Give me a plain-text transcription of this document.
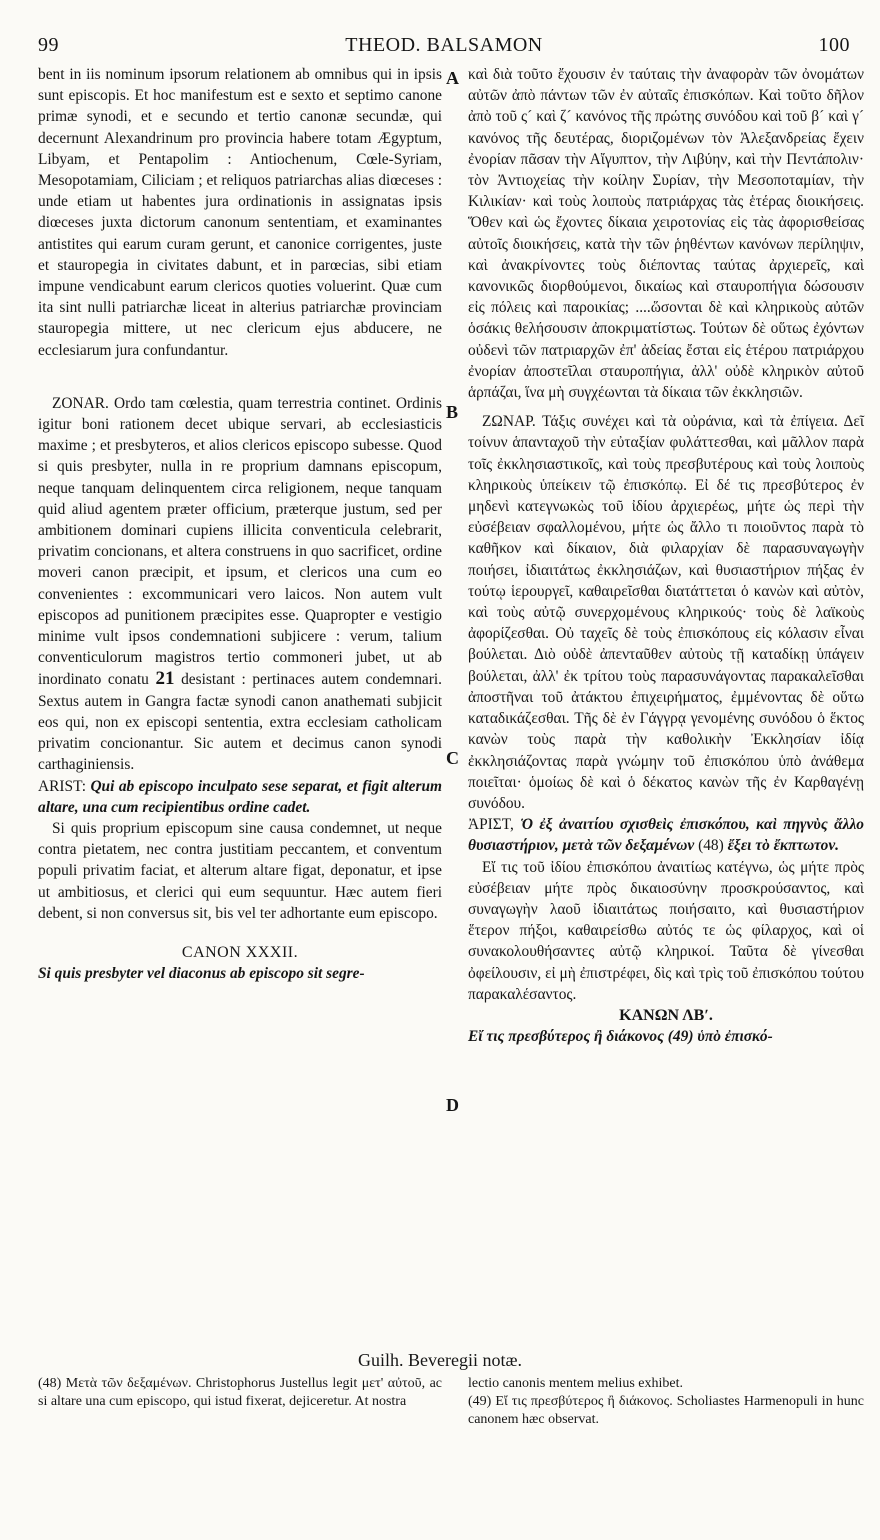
99	THEOD. BALSAMON	100
A
B
C
D

bent in iis nominum ipsorum relationem ab omnibus qui in ipsis sunt episcopis. Et hoc manifestum est e sexto et septimo canone primæ synodi, et e secundo et tertio canonæ secundæ, qui decernunt Alexandrinum pro provincia habere totam Ægyptum, Libyam, et Pentapolim : Antiochenum, Cœle-Syriam, Mesopotamiam, Ciliciam ; et reliquos patriarchas alias diœceses : unde etiam ut habentes jura ordinationis in assignatas ipsis diœceses juxta dictorum canonum sententiam, et examinantes antistites qui earum curam gerunt, et canonice corrigentes, juste et stauropegia in civitates dabunt, et in parœcias, sibi etiam impune vendicabunt earum clericos quoties voluerint. Quæ cum ita sint nulli patriarchæ liceat in alterius patriarchæ provinciam stauropegia mittere, ut nec clericum ejus abducere, ne ecclesiarum jura confundantur.

ZONAR. Ordo tam cœlestia, quam terrestria continet. Ordinis igitur boni rationem decet ubique servari, ab ecclesiasticis maxime ; et presbyteros, et alios clericos episcopo subesse. Quod si quis presbyter, nulla in re proprium damnans episcopum, neque tanquam delinquentem circa religionem, neque tanquam quid aliud agentem præter officium, præterque justum, sed per ambitionem dominari cupiens illicita conventicula celebrarit, privatim concionans, et altera construens in quo sacrificet, ordine moveri canon præcipit, et ipsum, et clericos una cum eo convenientes : excommunicari vero laicos. Non autem vult episcopos ad punitionem præcipites esse. Quapropter e vestigio minime vult ipsos condemnationi subjicere : verum, talium conventiculorum magistros tertio commoneri jubet, ut ab inordinato conatu 21 desistant : pertinaces autem condemnari. Sextus autem in Gangra factæ synodi canon anathemati subjicit eos qui, non ex episcopi sententia, extra ecclesiam catholicam privatim concionantur. Sic autem et decimus canon synodi carthaginiensis.

ARIST: Qui ab episcopo inculpato sese separat, et figit alterum altare, una cum recipientibus ordine cadet.

Si quis proprium episcopum sine causa condemnet, ut neque contra pietatem, nec contra justitiam peccantem, et conventum populi privatim faciat, et alterum altare figat, deponatur, et ipse ut ambitiosus, et clerici qui eum sequuntur. Hæc autem fieri debent, si non conversus sit, bis vel ter adhortante eum episcopo.

CANON XXXII.

Si quis presbyter vel diaconus ab episcopo sit segre-

καὶ διὰ τοῦτο ἔχουσιν ἐν ταύταις τὴν ἀναφορὰν τῶν ὀνομάτων αὐτῶν ἀπὸ πάντων τῶν ἐν αὐταῖς ἐπισκόπων. Καὶ τοῦτο δῆλον ἀπὸ τοῦ ς´ καὶ ζ´ κανόνος τῆς πρώτης συνόδου καὶ τοῦ β´ καὶ γ´ κανόνος τῆς δευτέρας, διοριζομένων τὸν Ἀλεξανδρείας ἔχειν ἐνορίαν πᾶσαν τὴν Αἴγυπτον, τὴν Λιβύην, καὶ τὴν Πεντάπολιν· τὸν Ἀντιοχείας τὴν κοίλην Συρίαν, τὴν Μεσοποταμίαν, τὴν Κιλικίαν· καὶ τοὺς λοιποὺς πατριάρχας τὰς ἑτέρας διοικήσεις. Ὅθεν καὶ ὡς ἔχοντες δίκαια χειροτονίας εἰς τὰς ἀφορισθείσας αὐτοῖς διοικήσεις, κατὰ τὴν τῶν ῥηθέντων κανόνων περίληψιν, καὶ ἀνακρίνοντες τοὺς διέποντας ταύτας ἀρχιερεῖς, καὶ κανονικῶς διορθούμενοι, δικαίως καὶ σταυροπήγια δώσουσιν εἰς πόλεις καὶ παροικίας; ....ὥσονται δὲ καὶ κληρικοὺς αὐτῶν ὁσάκις θελήσουσιν ἀποκριματίστως. Τούτων δὲ οὕτως ἐχόντων οὐδενὶ τῶν πατριαρχῶν ἐπ' ἀδείας ἔσται εἰς ἑτέρου πατριάρχου ἐνορίαν ἀποστεῖλαι σταυροπήγια, ἀλλ' οὐδὲ κληρικὸν αὐτοῦ ἁρπάζαι, ἵνα μὴ συγχέωνται τὰ δίκαια τῶν ἐκκλησιῶν.

ΖΩΝΑΡ. Τάξις συνέχει καὶ τὰ οὐράνια, καὶ τὰ ἐπίγεια. Δεῖ τοίνυν ἁπανταχοῦ τὴν εὐταξίαν φυλάττεσθαι, καὶ μᾶλλον παρὰ τοῖς ἐκκλησιαστικοῖς, καὶ τοὺς πρεσβυτέρους καὶ τοὺς λοιποὺς κληρικοὺς ὑπείκειν τῷ ἐπισκόπῳ. Εἰ δέ τις πρεσβύτερος ἐν μηδενὶ κατεγνωκὼς τοῦ ἰδίου ἀρχιερέως, μήτε ὡς περὶ τὴν εὐσέβειαν σφαλλομένου, μήτε ὡς ἄλλο τι ποιοῦντος παρὰ τὸ καθῆκον καὶ δίκαιον, διὰ φιλαρχίαν δὲ παρασυναγωγὴν ποιήσει, ἰδιαιτάτως ἐκκλησιάζων, καὶ θυσιαστήριον πήξας ἐν τούτῳ ἱερουργεῖ, καθαιρεῖσθαι διατάττεται ὁ κανὼν καὶ αὐτὸν, καὶ τοὺς αὐτῷ συνερχομένους κληρικούς· τοὺς δὲ λαϊκοὺς ἀφορίζεσθαι. Οὐ ταχεῖς δὲ τοὺς ἐπισκόπους εἰς κόλασιν εἶναι βούλεται. Διὸ οὐδὲ ἀπενταῦθεν αὐτοὺς τῇ καταδίκῃ ὑπάγειν βούλεται, ἀλλ' ἐκ τρίτου τοὺς παρασυνάγοντας παρακαλεῖσθαι ἀποστῆναι τοῦ ἀτάκτου ἐπιχειρήματος, ἐμμένοντας δὲ οὕτω καταδικάζεσθαι. Τῆς δὲ ἐν Γάγγρᾳ γενομένης συνόδου ὁ ἕκτος κανὼν τοὺς παρὰ τὴν καθολικὴν Ἐκκλησίαν ἰδίᾳ ἐκκλησιάζοντας παρὰ γνώμην τοῦ ἐπισκόπου ὑπὸ ἀνάθεμα ποιεῖται· ὁμοίως δὲ καὶ ὁ δέκατος κανὼν τῆς ἐν Καρθαγένῃ συνόδου.

ἈΡΙΣΤ, Ὁ ἐξ ἀναιτίου σχισθεὶς ἐπισκόπου, καὶ πηγνὺς ἄλλο θυσιαστήριον, μετὰ τῶν δεξαμένων (48) ἔξει τὸ ἔκπτωτον.

Εἴ τις τοῦ ἰδίου ἐπισκόπου ἀναιτίως κατέγνω, ὡς μήτε πρὸς εὐσέβειαν μήτε πρὸς δικαιοσύνην προσκρούσαντος, καὶ συναγωγὴν λαοῦ ἰδιαιτάτως ποιήσαιτο, καὶ θυσιαστήριον ἕτερον πήξοι, καθαιρείσθω αὐτός τε ὡς φίλαρχος, καὶ οἱ συνακολουθήσαντες αὐτῷ κληρικοί. Ταῦτα δὲ γίνεσθαι ὀφείλουσιν, εἰ μὴ ἐπιστρέφει, δὶς καὶ τρὶς τοῦ ἐπισκόπου τούτου παρακαλέσαντος.

ΚΑΝΩΝ ΛΒʹ.

Εἴ τις πρεσβύτερος ἢ διάκονος (49) ὑπὸ ἐπισκό-

Guilh. Beveregii notæ.
(48) Μετὰ τῶν δεξαμένων. Christophorus Justellus legit μετ' αὐτοῦ, ac si altare una cum episcopo, qui istud fixerat, dejiceretur. At nostra
lectio canonis mentem melius exhibet.
(49) Εἴ τις πρεσβύτερος ἢ διάκονος. Scholiastes Harmenopuli in hunc canonem hæc observat.
